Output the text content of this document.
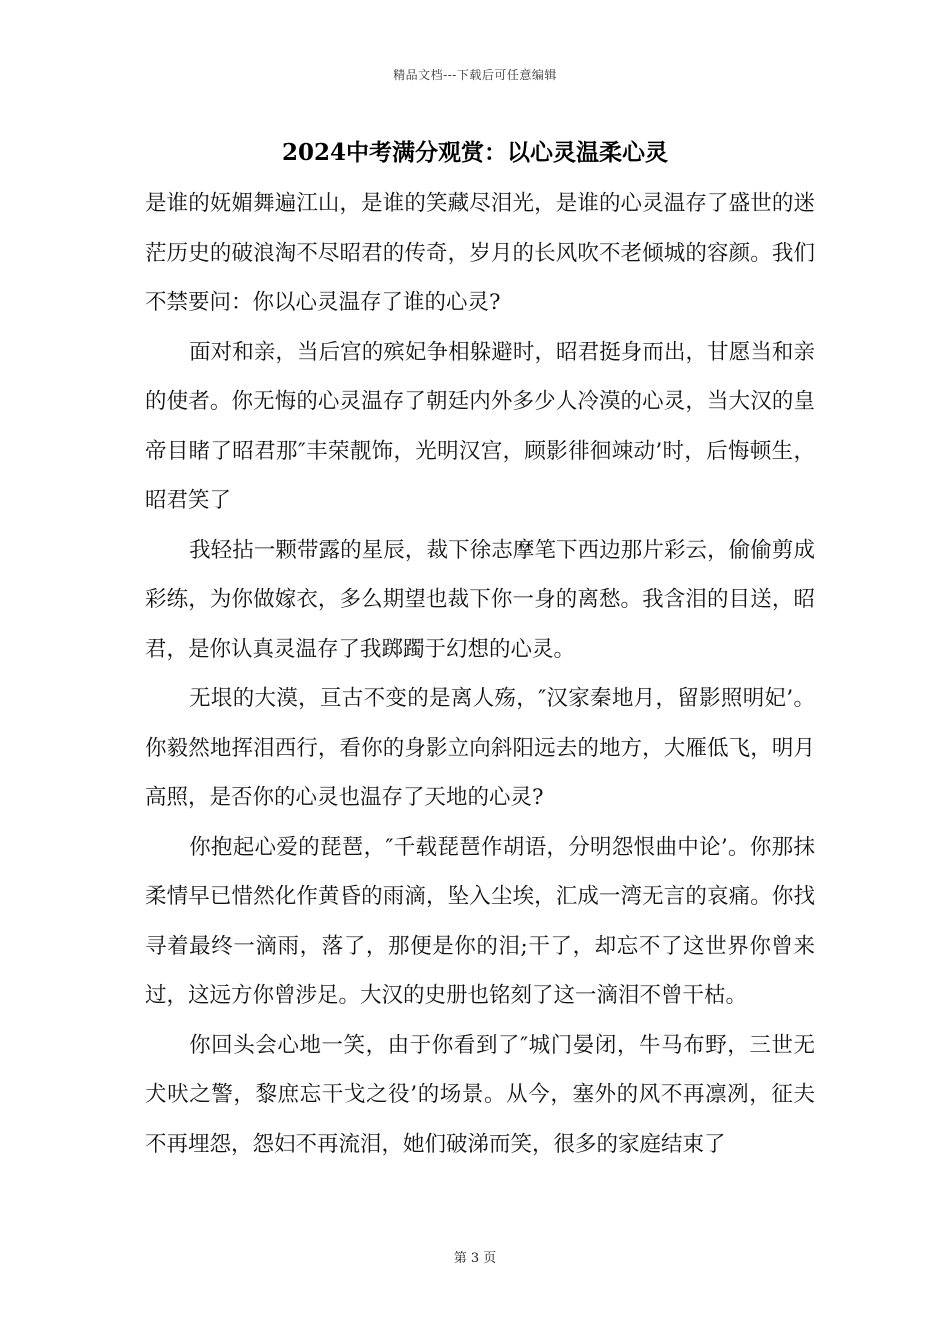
精品文档---下载后可任意编辑
2024中考满分观赏：以心灵温柔心灵

是谁的妩媚舞遍江山，是谁的笑藏尽泪光，是谁的心灵温存了盛世的迷茫历史的破浪淘不尽昭君的传奇，岁月的长风吹不老倾城的容颜。我们不禁要问：你以心灵温存了谁的心灵?

面对和亲，当后宫的殡妃争相躲避时，昭君挺身而出，甘愿当和亲的使者。你无悔的心灵温存了朝廷内外多少人冷漠的心灵，当大汉的皇帝目睹了昭君那″丰荣靓饰，光明汉宫，顾影徘徊竦动’时，后悔顿生，昭君笑了

我轻拈一颗带露的星辰，裁下徐志摩笔下西边那片彩云，偷偷剪成彩练，为你做嫁衣，多么期望也裁下你一身的离愁。我含泪的目送，昭君，是你认真灵温存了我踯躅于幻想的心灵。

无垠的大漠，亘古不变的是离人殇，″汉家秦地月，留影照明妃’。你毅然地挥泪西行，看你的身影立向斜阳远去的地方，大雁低飞，明月高照，是否你的心灵也温存了天地的心灵?

你抱起心爱的琵琶，″千载琵琶作胡语，分明怨恨曲中论’。你那抹柔情早已惜然化作黄昏的雨滴，坠入尘埃，汇成一湾无言的哀痛。你找寻着最终一滴雨，落了，那便是你的泪;干了，却忘不了这世界你曾来过，这远方你曾涉足。大汉的史册也铭刻了这一滴泪不曾干枯。

你回头会心地一笑，由于你看到了″城门晏闭，牛马布野，三世无犬吠之警，黎庶忘干戈之役’的场景。从今，塞外的风不再凛冽，征夫不再埋怨，怨妇不再流泪，她们破涕而笑，很多的家庭结束了

第 3 页
